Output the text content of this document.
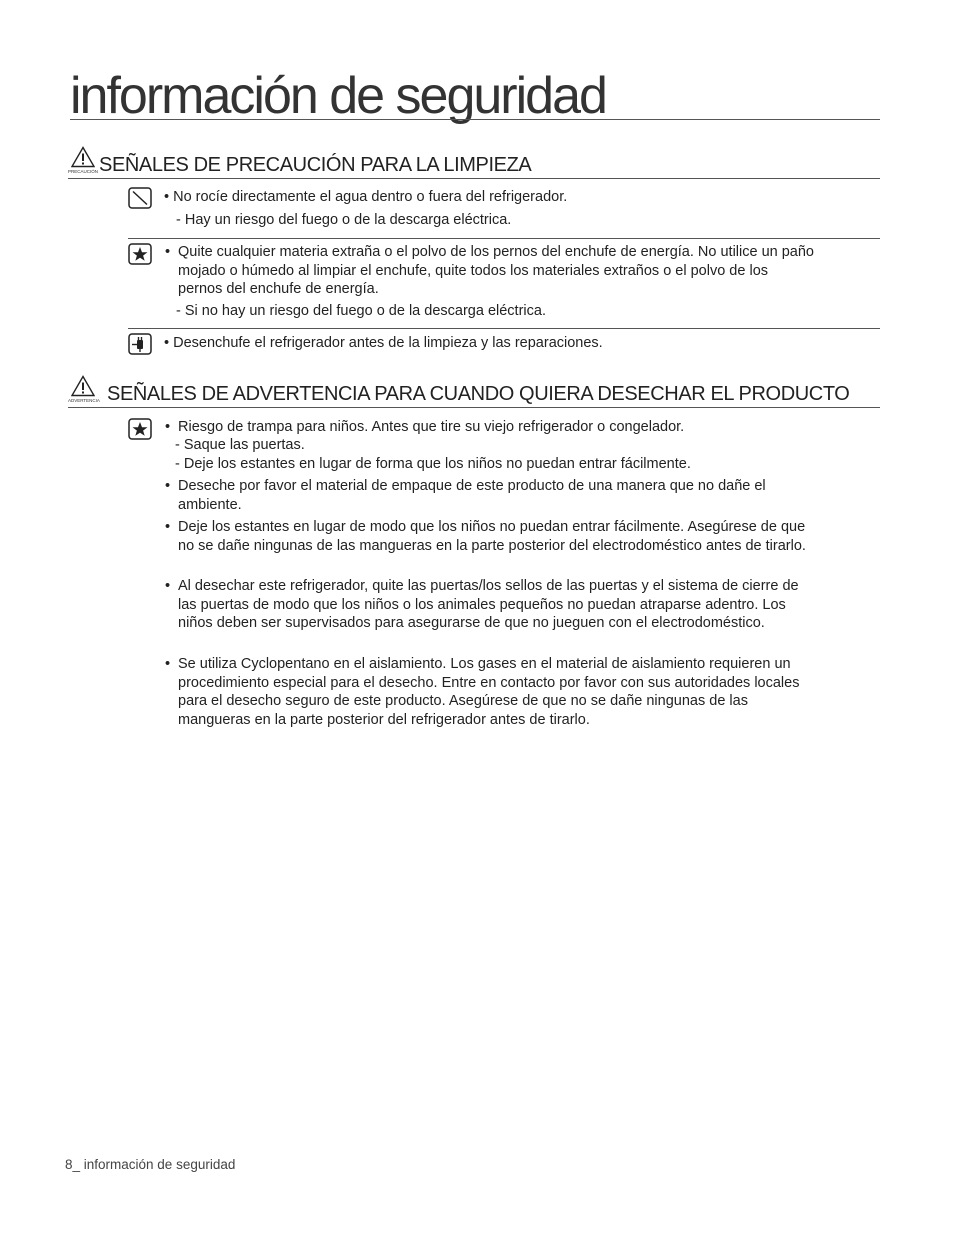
información de seguridad
PRECAUCIÓN SEÑALES DE PRECAUCIÓN PARA LA LIMPIEZA

• No rocíe directamente el agua dentro o fuera del refrigerador.

- Hay un riesgo del fuego o de la descarga eléctrica.

• Quite cualquier materia extraña o el polvo de los pernos del enchufe de energía. No utilice un paño mojado o húmedo al limpiar el enchufe, quite todos los materiales extraños o el polvo de los pernos del enchufe de energía.

- Si no hay un riesgo del fuego o de la descarga eléctrica.

• Desenchufe el refrigerador antes de la limpieza y las reparaciones.

ADVERTENCIA SEÑALES DE ADVERTENCIA PARA CUANDO QUIERA DESECHAR EL PRODUCTO
• Riesgo de trampa para niños. Antes que tire su viejo refrigerador o congelador.

- Saque las puertas.

- Deje los estantes en lugar de forma que los niños no puedan entrar fácilmente.

• Deseche por favor el material de empaque de este producto de una manera que no dañe el ambiente.
• Deje los estantes en lugar de modo que los niños no puedan entrar fácilmente. Asegúrese de que no se dañe ningunas de las mangueras en la parte posterior del electrodoméstico antes de tirarlo.
• Al desechar este refrigerador, quite las puertas/los sellos de las puertas y el sistema de cierre de las puertas de modo que los niños o los animales pequeños no puedan atraparse adentro. Los niños deben ser supervisados para asegurarse de que no jueguen con el electrodoméstico.
• Se utiliza Cyclopentano en el aislamiento. Los gases en el material de aislamiento requieren un procedimiento especial para el desecho. Entre en contacto por favor con sus autoridades locales para el desecho seguro de este producto. Asegúrese de que no se dañe ningunas de las mangueras en la parte posterior del refrigerador antes de tirarlo.
8_ información de seguridad
